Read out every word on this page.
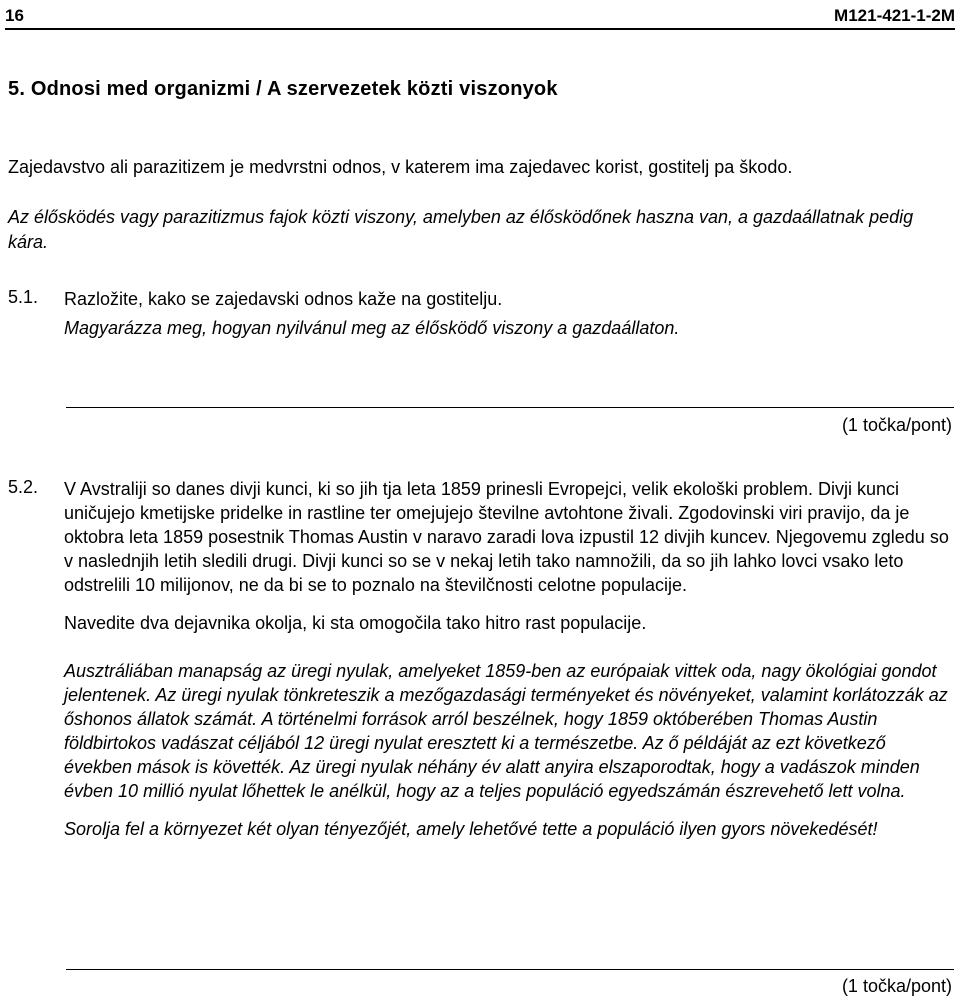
16	M121-421-1-2M
5. Odnosi med organizmi / A szervezetek közti viszonyok
Zajedavstvo ali parazitizem je medvrstni odnos, v katerem ima zajedavec korist, gostitelj pa škodo.
Az élősködés vagy parazitizmus fajok közti viszony, amelyben az élősködőnek haszna van, a gazdaállatnak pedig kára.
5.1. Razložite, kako se zajedavski odnos kaže na gostitelju.
Magyarázza meg, hogyan nyilvánul meg az élősködő viszony a gazdaállaton.
(1 točka/pont)
5.2. V Avstraliji so danes divji kunci, ki so jih tja leta 1859 prinesli Evropejci, velik ekološki problem. Divji kunci uničujejo kmetijske pridelke in rastline ter omejujejo številne avtohtone živali. Zgodovinski viri pravijo, da je oktobra leta 1859 posestnik Thomas Austin v naravo zaradi lova izpustil 12 divjih kuncev. Njegovemu zgledu so v naslednjih letih sledili drugi. Divji kunci so se v nekaj letih tako namnožili, da so jih lahko lovci vsako leto odstrelili 10 milijonov, ne da bi se to poznalo na številčnosti celotne populacije.
Navedite dva dejavnika okolja, ki sta omogočila tako hitro rast populacije.
Ausztráliában manapság az üregi nyulak, amelyeket 1859-ben az európaiak vittek oda, nagy ökológiai gondot jelentenek. Az üregi nyulak tönkreteszik a mezőgazdasági terményeket és növényeket, valamint korlátozzák az őshonos állatok számát. A történelmi források arról beszélnek, hogy 1859 októberében Thomas Austin földbirtokos vadászat céljából 12 üregi nyulat eresztett ki a természetbe. Az ő példáját az ezt következő években mások is követték. Az üregi nyulak néhány év alatt anyira elszaporodtak, hogy a vadászok minden évben 10 millió nyulat lőhettek le anélkül, hogy az a teljes populáció egyedszámán észrevehető lett volna.
Sorolja fel a környezet két olyan tényezőjét, amely lehetővé tette a populáció ilyen gyors növekedését!
(1 točka/pont)
